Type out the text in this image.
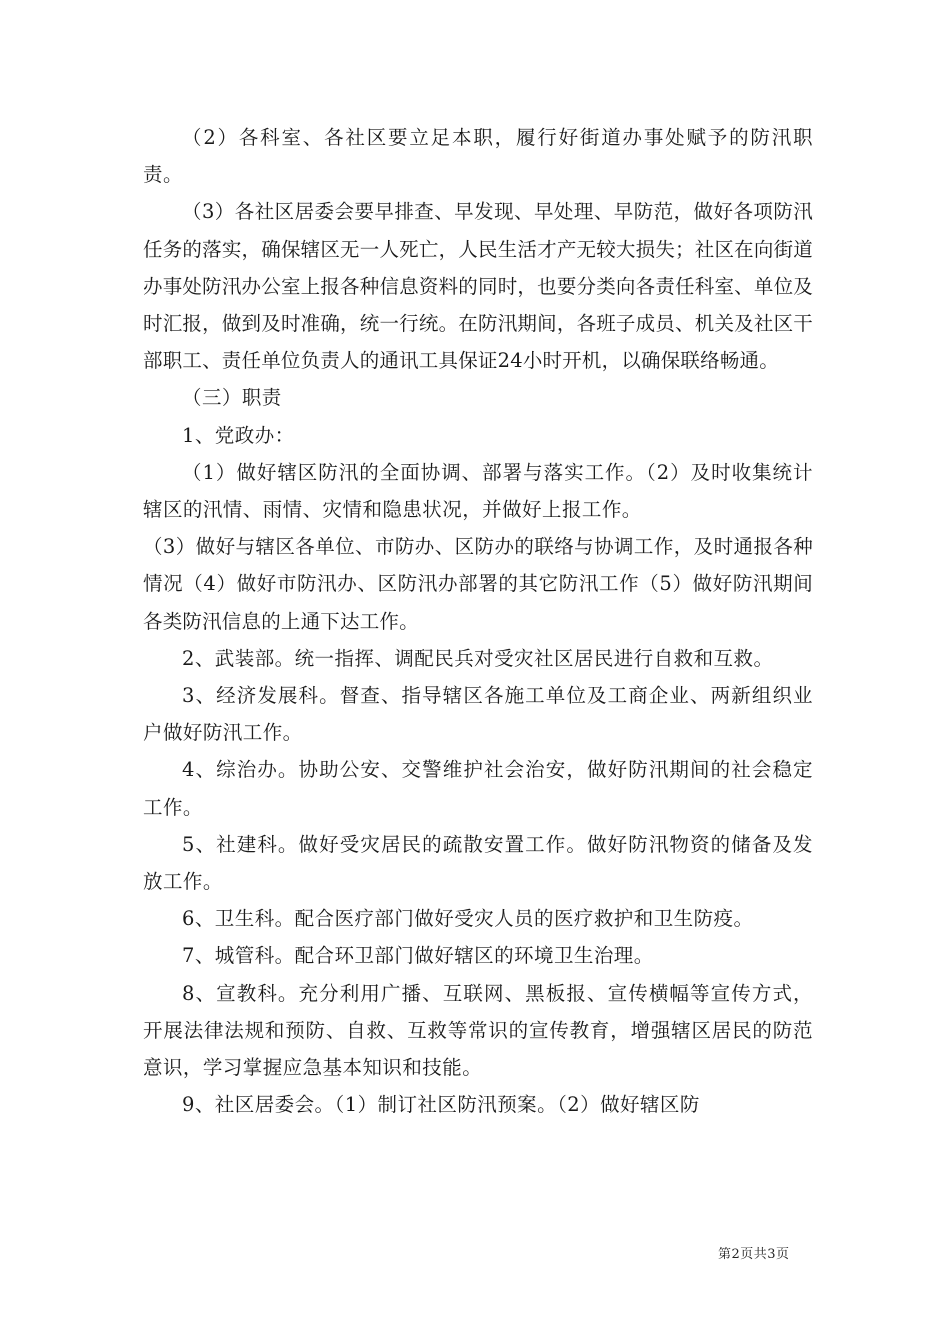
（2）各科室、各社区要立足本职，履行好街道办事处赋予的防汛职责。

（3）各社区居委会要早排查、早发现、早处理、早防范，做好各项防汛任务的落实，确保辖区无一人死亡，人民生活才产无较大损失；社区在向街道办事处防汛办公室上报各种信息资料的同时，也要分类向各责任科室、单位及时汇报，做到及时准确，统一行统。在防汛期间，各班子成员、机关及社区干部职工、责任单位负责人的通讯工具保证24小时开机，以确保联络畅通。

（三）职责

1、党政办：

（1）做好辖区防汛的全面协调、部署与落实工作。（2）及时收集统计辖区的汛情、雨情、灾情和隐患状况，并做好上报工作。

（3）做好与辖区各单位、市防办、区防办的联络与协调工作，及时通报各种情况（4）做好市防汛办、区防汛办部署的其它防汛工作（5）做好防汛期间各类防汛信息的上通下达工作。

2、武装部。统一指挥、调配民兵对受灾社区居民进行自救和互救。

3、经济发展科。督查、指导辖区各施工单位及工商企业、两新组织业户做好防汛工作。

4、综治办。协助公安、交警维护社会治安，做好防汛期间的社会稳定工作。

5、社建科。做好受灾居民的疏散安置工作。做好防汛物资的储备及发放工作。

6、卫生科。配合医疗部门做好受灾人员的医疗救护和卫生防疫。

7、城管科。配合环卫部门做好辖区的环境卫生治理。

8、宣教科。充分利用广播、互联网、黑板报、宣传横幅等宣传方式，开展法律法规和预防、自救、互救等常识的宣传教育，增强辖区居民的防范意识，学习掌握应急基本知识和技能。

9、社区居委会。（1）制订社区防汛预案。（2）做好辖区防

第2页共3页
